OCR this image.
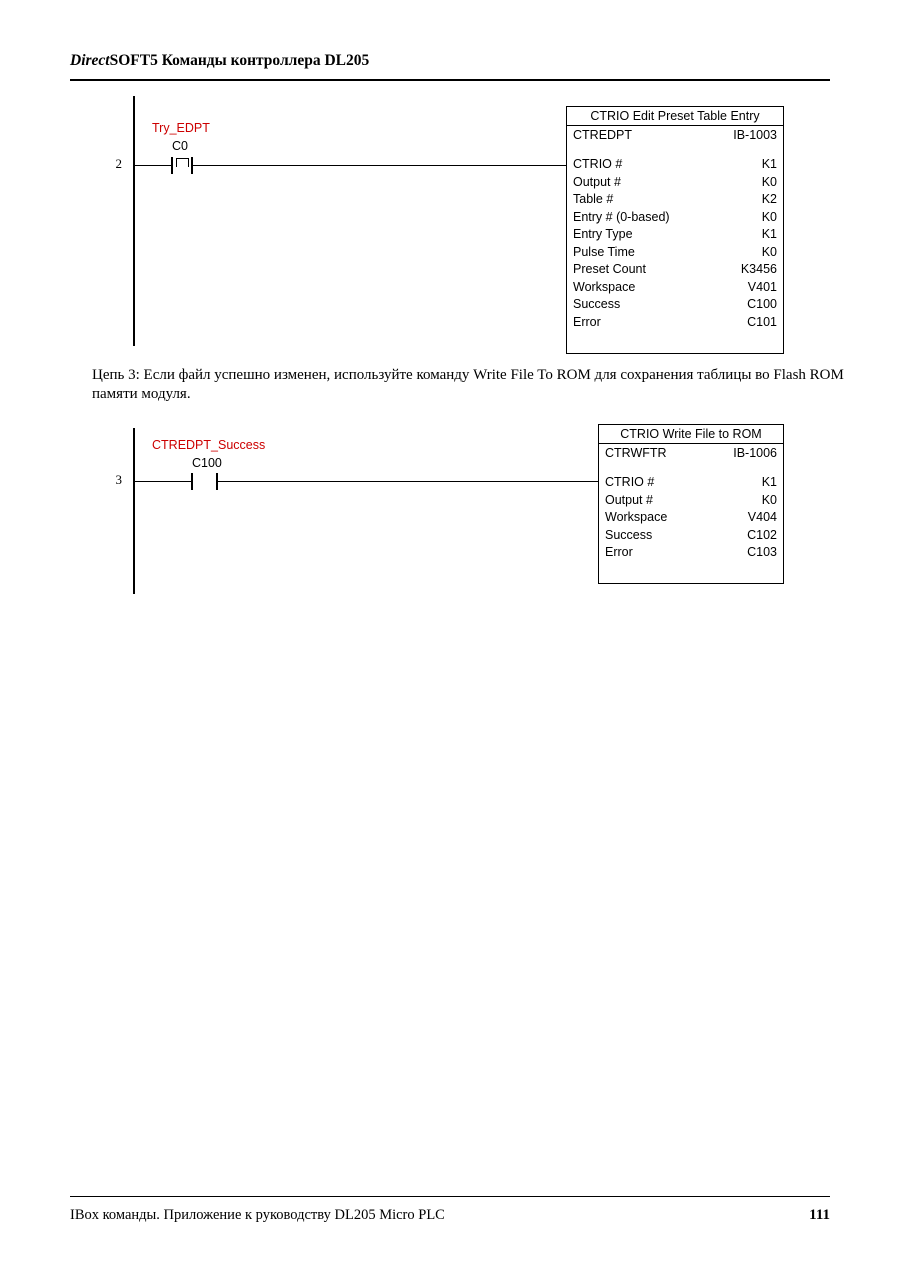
DirectSOFT5 Команды контроллера DL205
2
Try_EDPT
C0
CTRIO Edit Preset Table Entry
CTREDPT	IB-1003
CTRIO #	K1
Output #	K0
Table #	K2
Entry # (0-based)	K0
Entry Type	K1
Pulse Time	K0
Preset Count	K3456
Workspace	V401
Success	C100
Error	C101
Цепь 3: Если файл успешно изменен, используйте команду Write File To ROM для сохранения таблицы во Flash ROM памяти модуля.
3
CTREDPT_Success
C100
CTRIO Write File to ROM
CTRWFTR	IB-1006
CTRIO #	K1
Output #	K0
Workspace	V404
Success	C102
Error	C103
IBox команды. Приложение к руководству DL205 Micro PLC	111
